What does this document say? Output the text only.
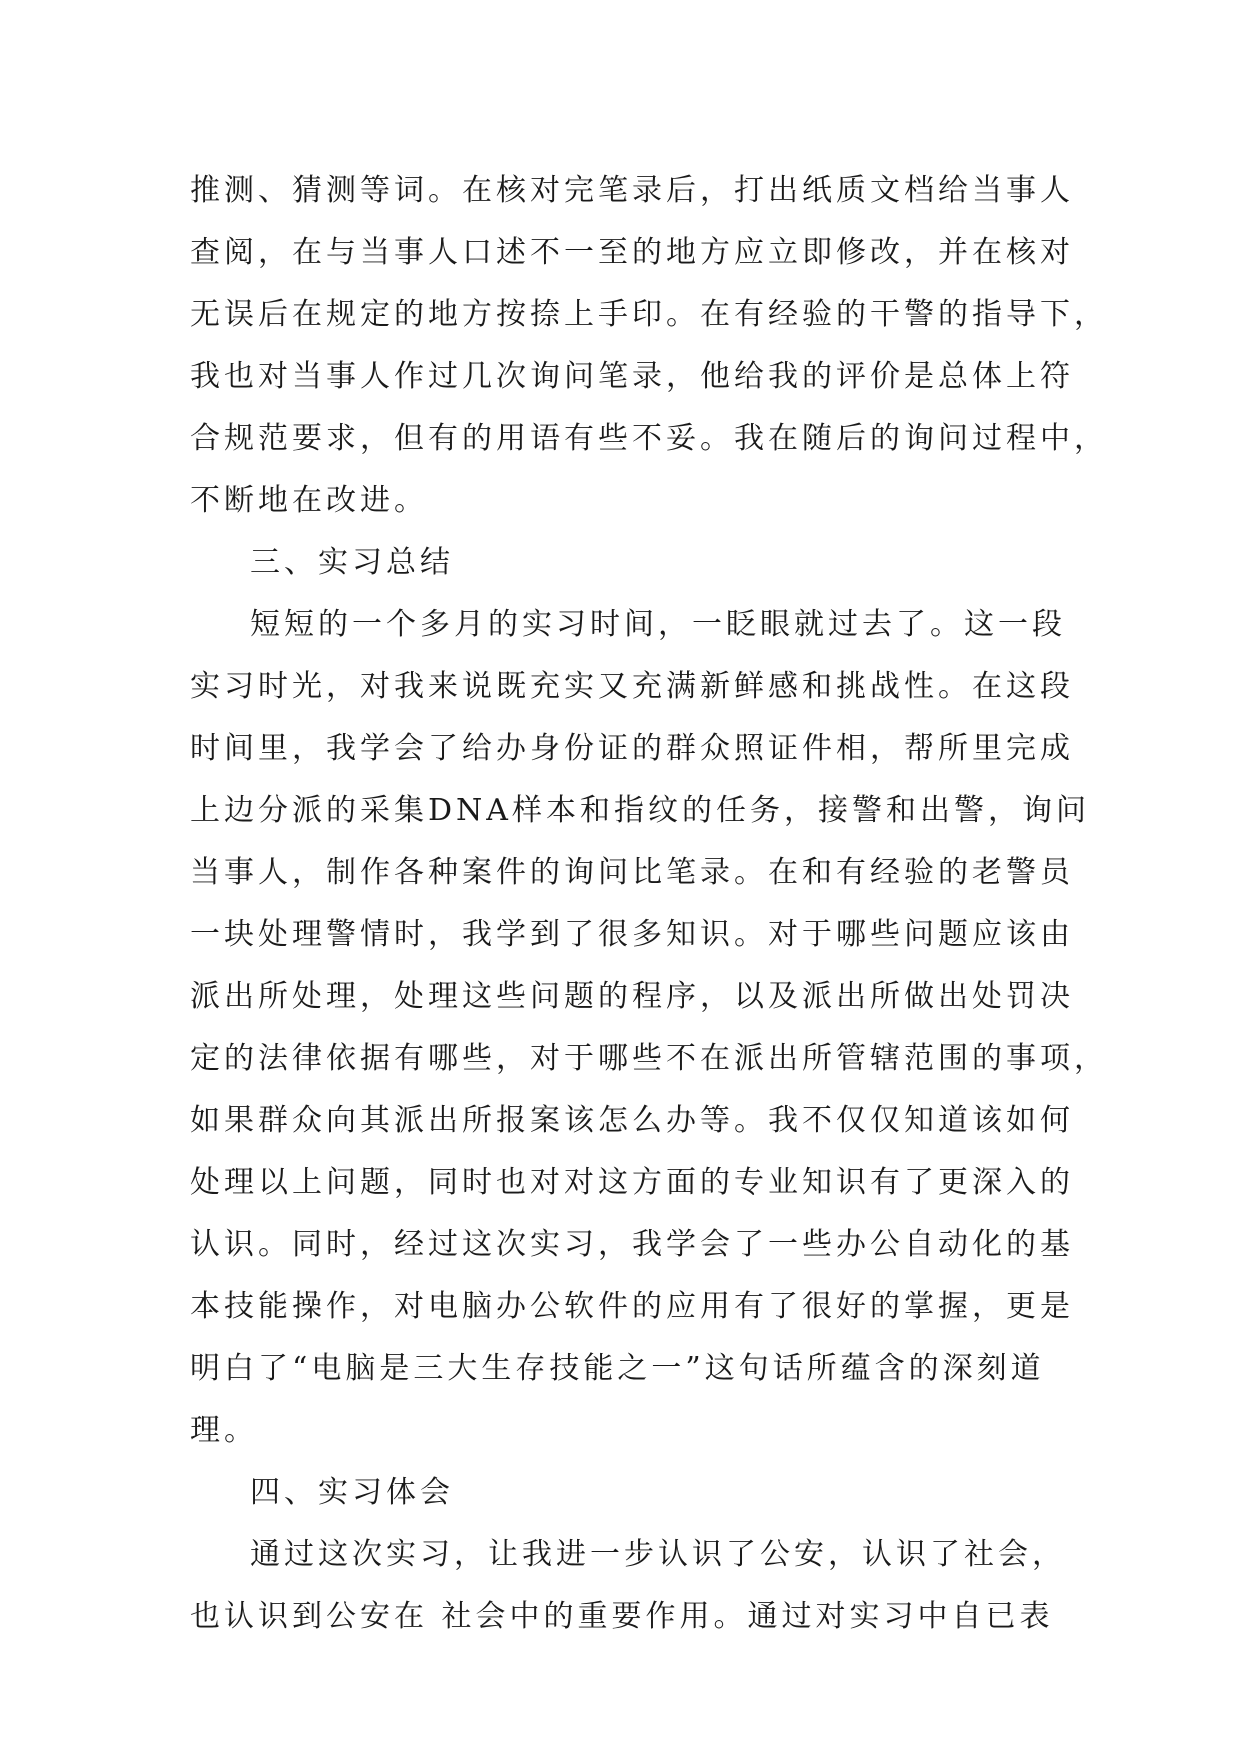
推测、猜测等词。在核对完笔录后，打出纸质文档给当事人

查阅，在与当事人口述不一至的地方应立即修改，并在核对

无误后在规定的地方按捺上手印。在有经验的干警的指导下，

我也对当事人作过几次询问笔录，他给我的评价是总体上符

合规范要求，但有的用语有些不妥。我在随后的询问过程中，

不断地在改进。

三、实习总结

短短的一个多月的实习时间，一眨眼就过去了。这一段

实习时光，对我来说既充实又充满新鲜感和挑战性。在这段

时间里，我学会了给办身份证的群众照证件相，帮所里完成

上边分派的采集DNA样本和指纹的任务，接警和出警，询问

当事人，制作各种案件的询问比笔录。在和有经验的老警员

一块处理警情时，我学到了很多知识。对于哪些问题应该由

派出所处理，处理这些问题的程序，以及派出所做出处罚决

定的法律依据有哪些，对于哪些不在派出所管辖范围的事项，

如果群众向其派出所报案该怎么办等。我不仅仅知道该如何

处理以上问题，同时也对对这方面的专业知识有了更深入的

认识。同时，经过这次实习，我学会了一些办公自动化的基

本技能操作，对电脑办公软件的应用有了很好的掌握，更是

明白了“电脑是三大生存技能之一”这句话所蕴含的深刻道

理。

四、实习体会

通过这次实习，让我进一步认识了公安，认识了社会，

也认识到公安在 社会中的重要作用。通过对实习中自已表
